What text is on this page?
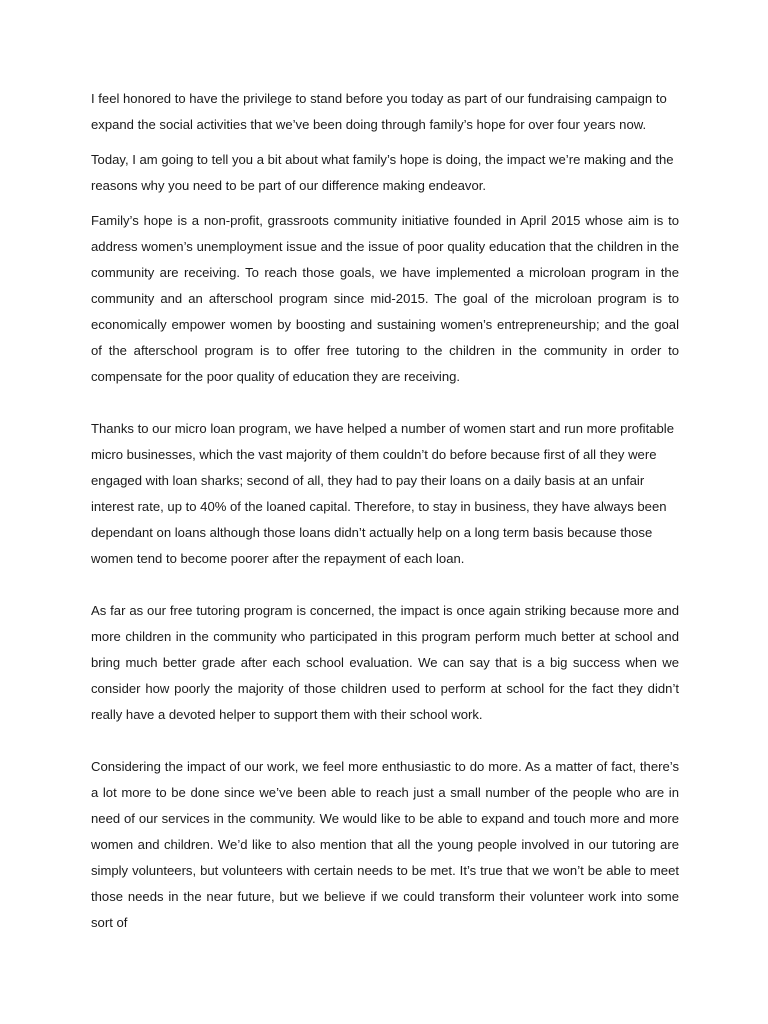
I feel honored to have the privilege to stand before you today as part of our fundraising campaign to expand the social activities that we’ve been doing through family’s hope for over four years now.

Today, I am going to tell you a bit about what family’s hope is doing, the impact we’re making and the reasons why you need to be part of our difference making endeavor.

Family’s hope is a non-profit, grassroots community initiative founded in April 2015 whose aim is to address women’s unemployment issue and the issue of poor quality education that the children in the community are receiving. To reach those goals, we have implemented a microloan program in the community and an afterschool program since mid-2015. The goal of the microloan program is to economically empower women by boosting and sustaining women’s entrepreneurship; and the goal of the afterschool program is to offer free tutoring to the children in the community in order to compensate for the poor quality of education they are receiving.

Thanks to our micro loan program, we have helped a number of women start and run more profitable micro businesses, which the vast majority of them couldn’t do before because first of all they were engaged with loan sharks; second of all, they had to pay their loans on a daily basis at an unfair interest rate, up to 40% of the loaned capital. Therefore, to stay in business, they have always been dependant on loans although those loans didn’t actually help on a long term basis because those women tend to become poorer after the repayment of each loan.

As far as our free tutoring program is concerned, the impact is once again striking because more and more children in the community who participated in this program perform much better at school and bring much better grade after each school evaluation. We can say that is a big success when we consider how poorly the majority of those children used to perform at school for the fact they didn’t really have a devoted helper to support them with their school work.

Considering the impact of our work, we feel more enthusiastic to do more. As a matter of fact, there’s a lot more to be done since we’ve been able to reach just a small number of the people who are in need of our services in the community. We would like to be able to expand and touch more and more women and children. We’d like to also mention that all the young people involved in our tutoring are simply volunteers, but volunteers with certain needs to be met. It’s true that we won’t be able to meet those needs in the near future, but we believe if we could transform their volunteer work into some sort of
